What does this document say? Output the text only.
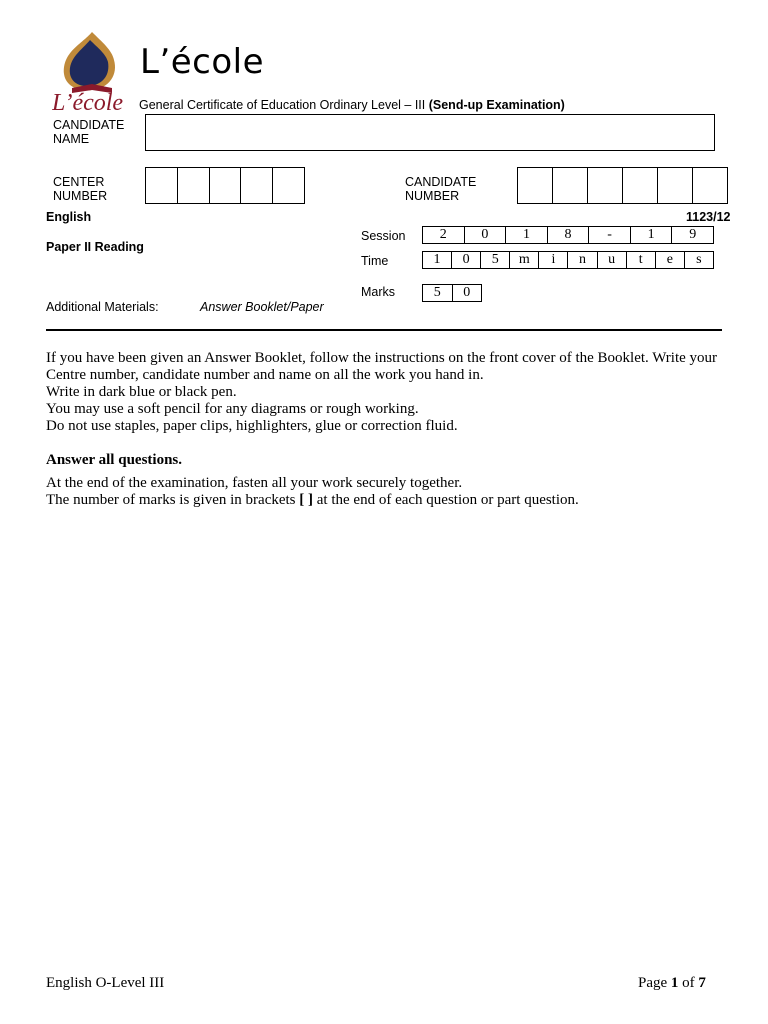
L’école
L’école
General Certificate of Education Ordinary Level – III (Send-up Examination)
CANDIDATE
NAME
CENTER
NUMBER
CANDIDATE
NUMBER
English	1123/12
Paper II Reading
Session	2	0	1	8	-	1	9
Time	1	0	5	m	i	n	u	t	e	s
Marks	5	0
Additional Materials:	Answer Booklet/Paper

If you have been given an Answer Booklet, follow the instructions on the front cover of the Booklet. Write your Centre number, candidate number and name on all the work you hand in.

Write in dark blue or black pen.

You may use a soft pencil for any diagrams or rough working.

Do not use staples, paper clips, highlighters, glue or correction fluid.

Answer all questions.

At the end of the examination, fasten all your work securely together.

The number of marks is given in brackets [ ] at the end of each question or part question.

English O-Level III	Page 1 of 7
